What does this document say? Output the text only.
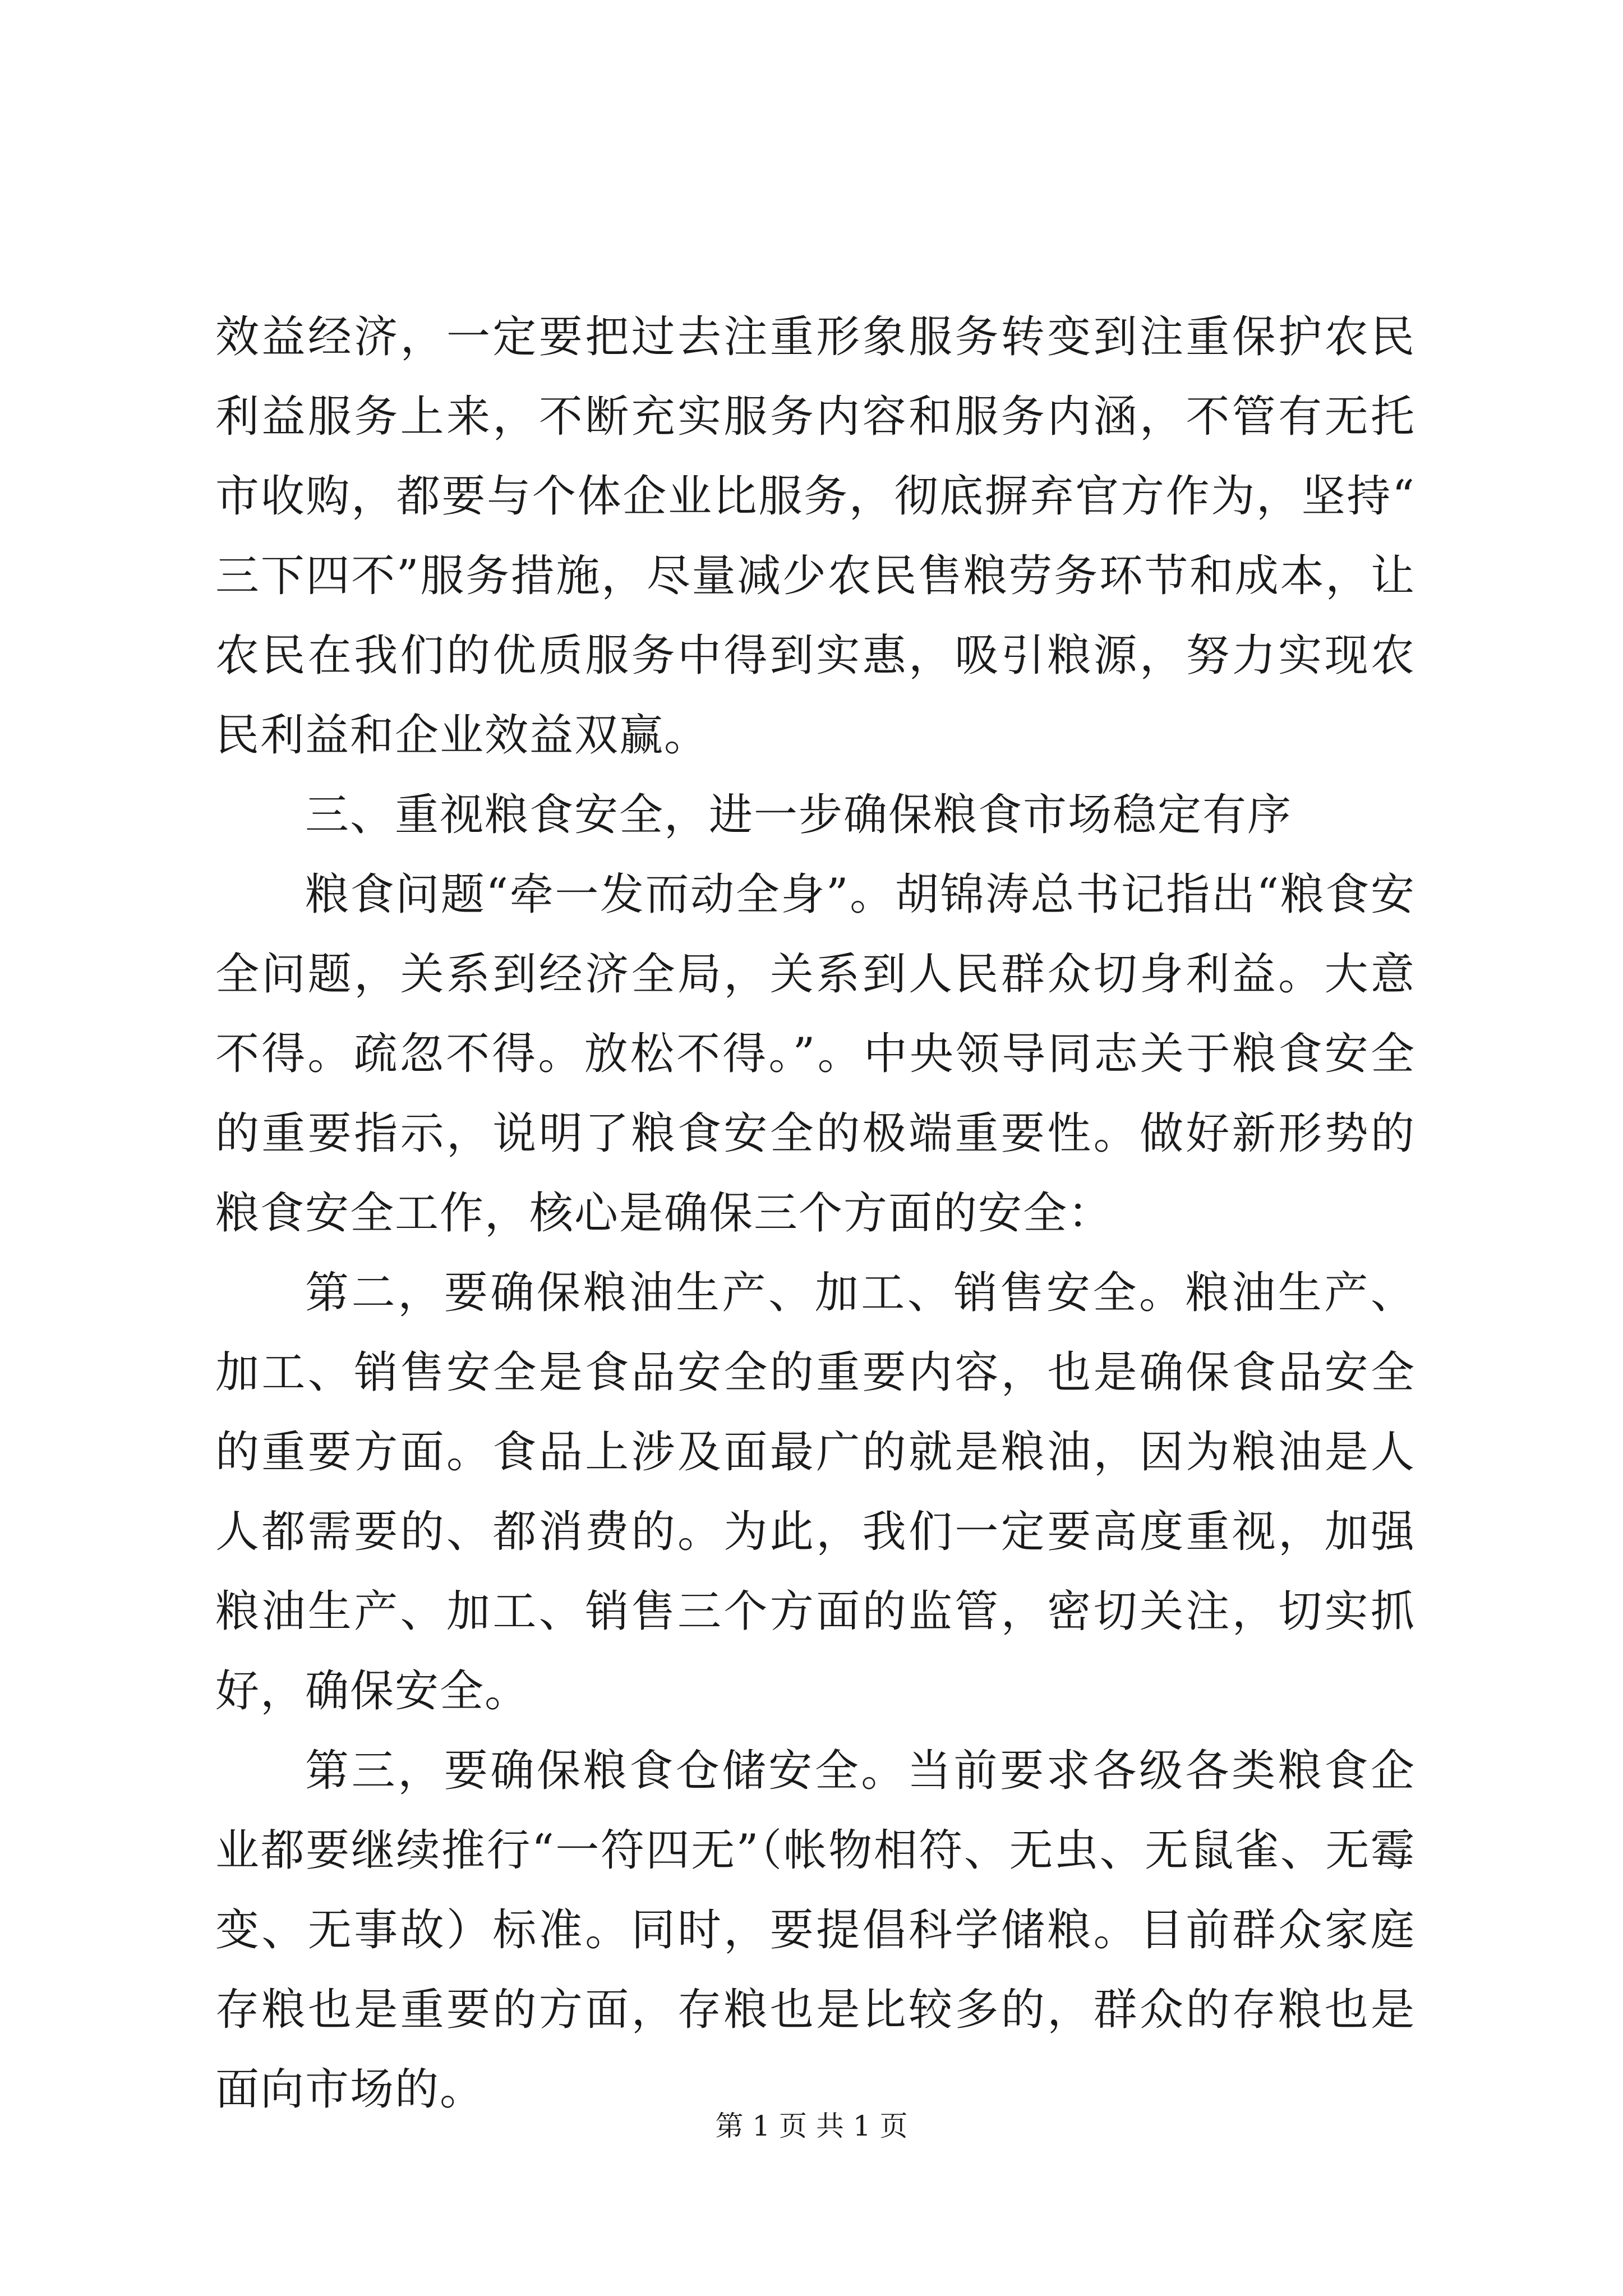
效益经济，一定要把过去注重形象服务转变到注重保护农民利益服务上来，不断充实服务内容和服务内涵，不管有无托市收购，都要与个体企业比服务，彻底摒弃官方作为，坚持“三下四不”服务措施，尽量减少农民售粮劳务环节和成本，让农民在我们的优质服务中得到实惠，吸引粮源，努力实现农民利益和企业效益双赢。

三、重视粮食安全，进一步确保粮食市场稳定有序

粮食问题“牵一发而动全身”。胡锦涛总书记指出“粮食安全问题，关系到经济全局，关系到人民群众切身利益。大意不得。疏忽不得。放松不得。”。中央领导同志关于粮食安全的重要指示，说明了粮食安全的极端重要性。做好新形势的粮食安全工作，核心是确保三个方面的安全：

第二，要确保粮油生产、加工、销售安全。粮油生产、加工、销售安全是食品安全的重要内容，也是确保食品安全的重要方面。食品上涉及面最广的就是粮油，因为粮油是人人都需要的、都消费的。为此，我们一定要高度重视，加强粮油生产、加工、销售三个方面的监管，密切关注，切实抓好，确保安全。

第三，要确保粮食仓储安全。当前要求各级各类粮食企业都要继续推行“一符四无”（帐物相符、无虫、无鼠雀、无霉变、无事故）标准。同时，要提倡科学储粮。目前群众家庭存粮也是重要的方面，存粮也是比较多的，群众的存粮也是面向市场的。

第 1 页 共 1 页
